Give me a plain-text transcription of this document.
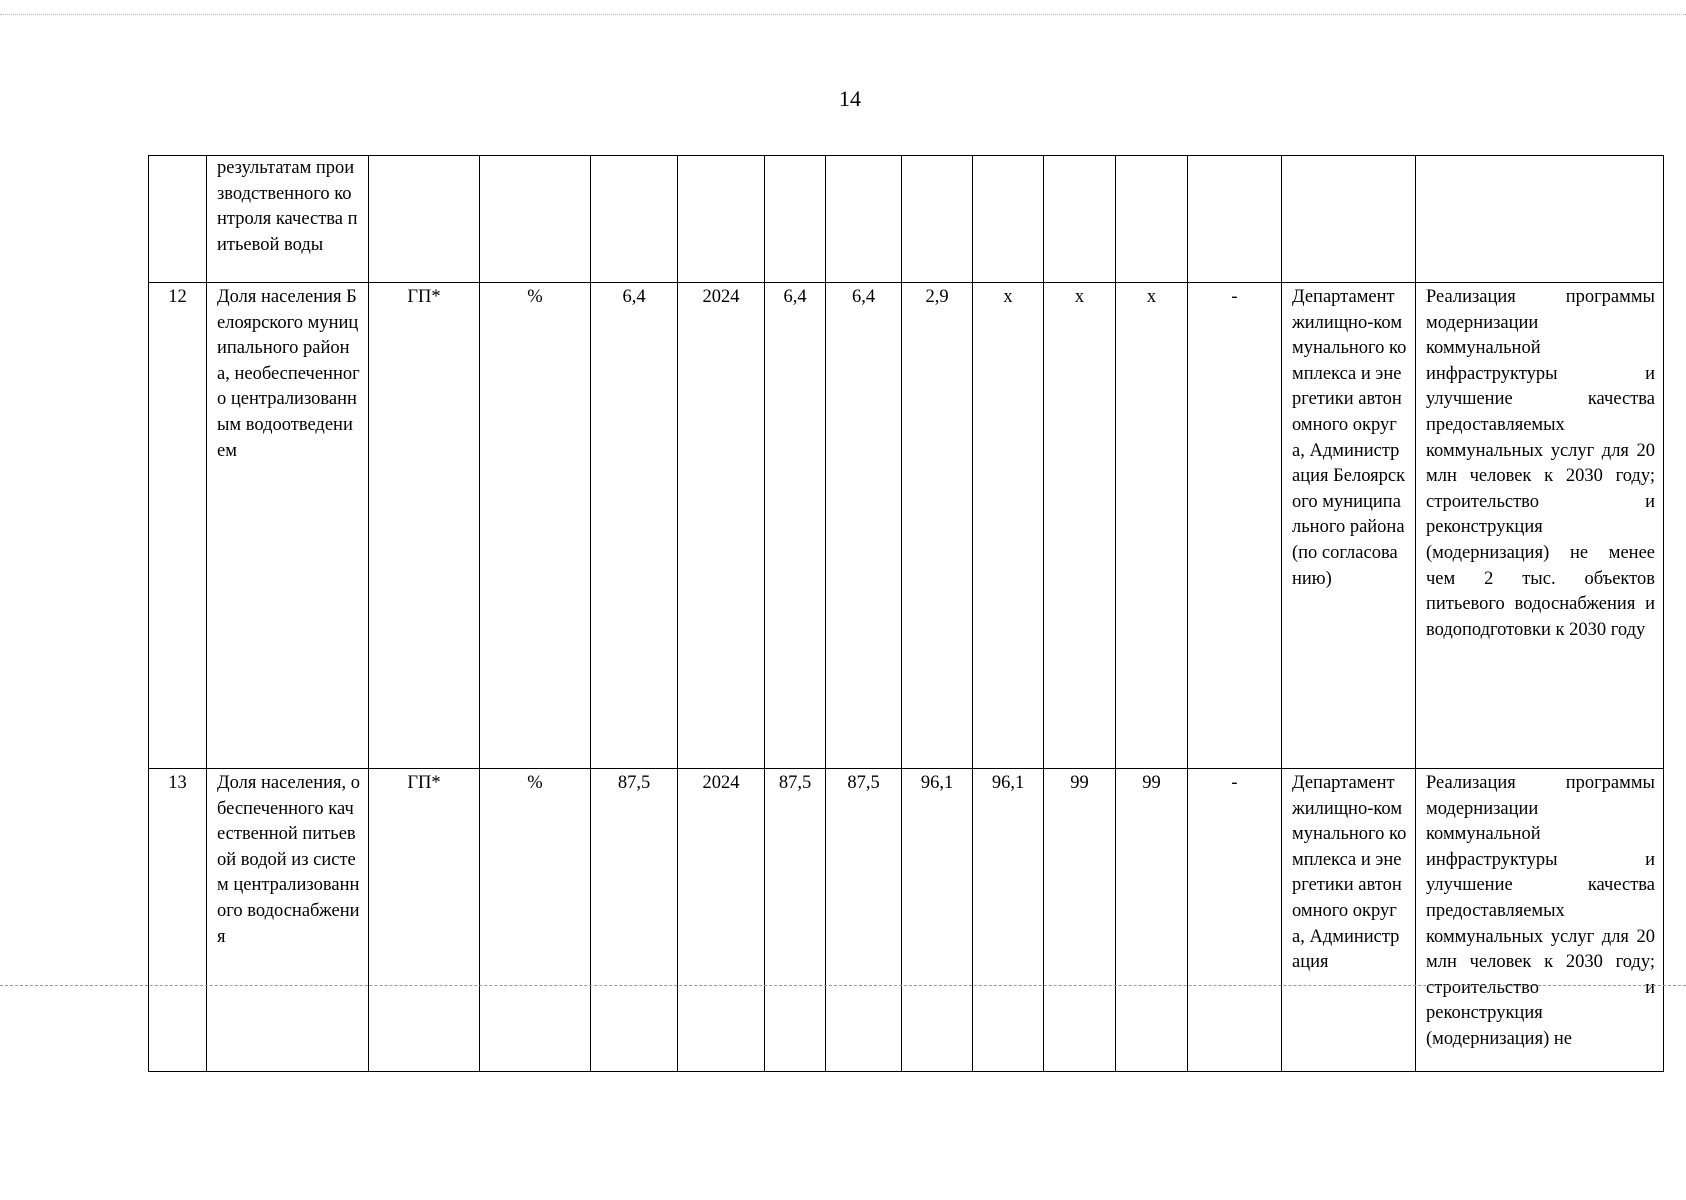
14
	результатам производственного контроля качества питьевой воды													
12	Доля населения Белоярского муниципального района, необеспеченного централизованным водоотведением	ГП*	%	6,4	2024	6,4	6,4	2,9	х	х	х	-	Департамент жилищно-коммунального комплекса и энергетики автономного округа, Администрация Белоярского муниципального района (по согласованию)	Реализация программы модернизации коммунальной инфраструктуры и улучшение качества предоставляемых коммунальных услуг для 20 млн человек к 2030 году; строительство и реконструкция (модернизация) не менее чем 2 тыс. объектов питьевого водоснабжения и водоподготовки к 2030 году
13	Доля населения, обеспеченного качественной питьевой водой из систем централизованного водоснабжения	ГП*	%	87,5	2024	87,5	87,5	96,1	96,1	99	99	-	Департамент жилищно-коммунального комплекса и энергетики автономного округа, Администрация	Реализация программы модернизации коммунальной инфраструктуры и улучшение качества предоставляемых коммунальных услуг для 20 млн человек к 2030 году; строительство и реконструкция (модернизация) не
